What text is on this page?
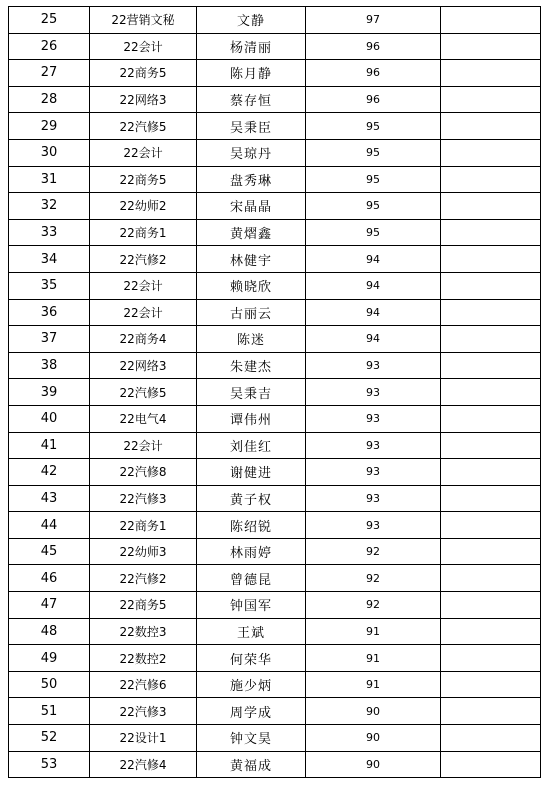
25	22营销文秘	文静	97	
26	22会计	杨清丽	96	
27	22商务5	陈月静	96	
28	22网络3	蔡存恒	96	
29	22汽修5	吴秉臣	95	
30	22会计	吴琼丹	95	
31	22商务5	盘秀琳	95	
32	22幼师2	宋晶晶	95	
33	22商务1	黄熠鑫	95	
34	22汽修2	林健宇	94	
35	22会计	赖晓欣	94	
36	22会计	古丽云	94	
37	22商务4	陈迷	94	
38	22网络3	朱建杰	93	
39	22汽修5	吴秉吉	93	
40	22电气4	谭伟州	93	
41	22会计	刘佳红	93	
42	22汽修8	谢健进	93	
43	22汽修3	黄子权	93	
44	22商务1	陈绍锐	93	
45	22幼师3	林雨婷	92	
46	22汽修2	曾德昆	92	
47	22商务5	钟国军	92	
48	22数控3	王斌	91	
49	22数控2	何荣华	91	
50	22汽修6	施少炳	91	
51	22汽修3	周学成	90	
52	22设计1	钟文昊	90	
53	22汽修4	黄福成	90	
